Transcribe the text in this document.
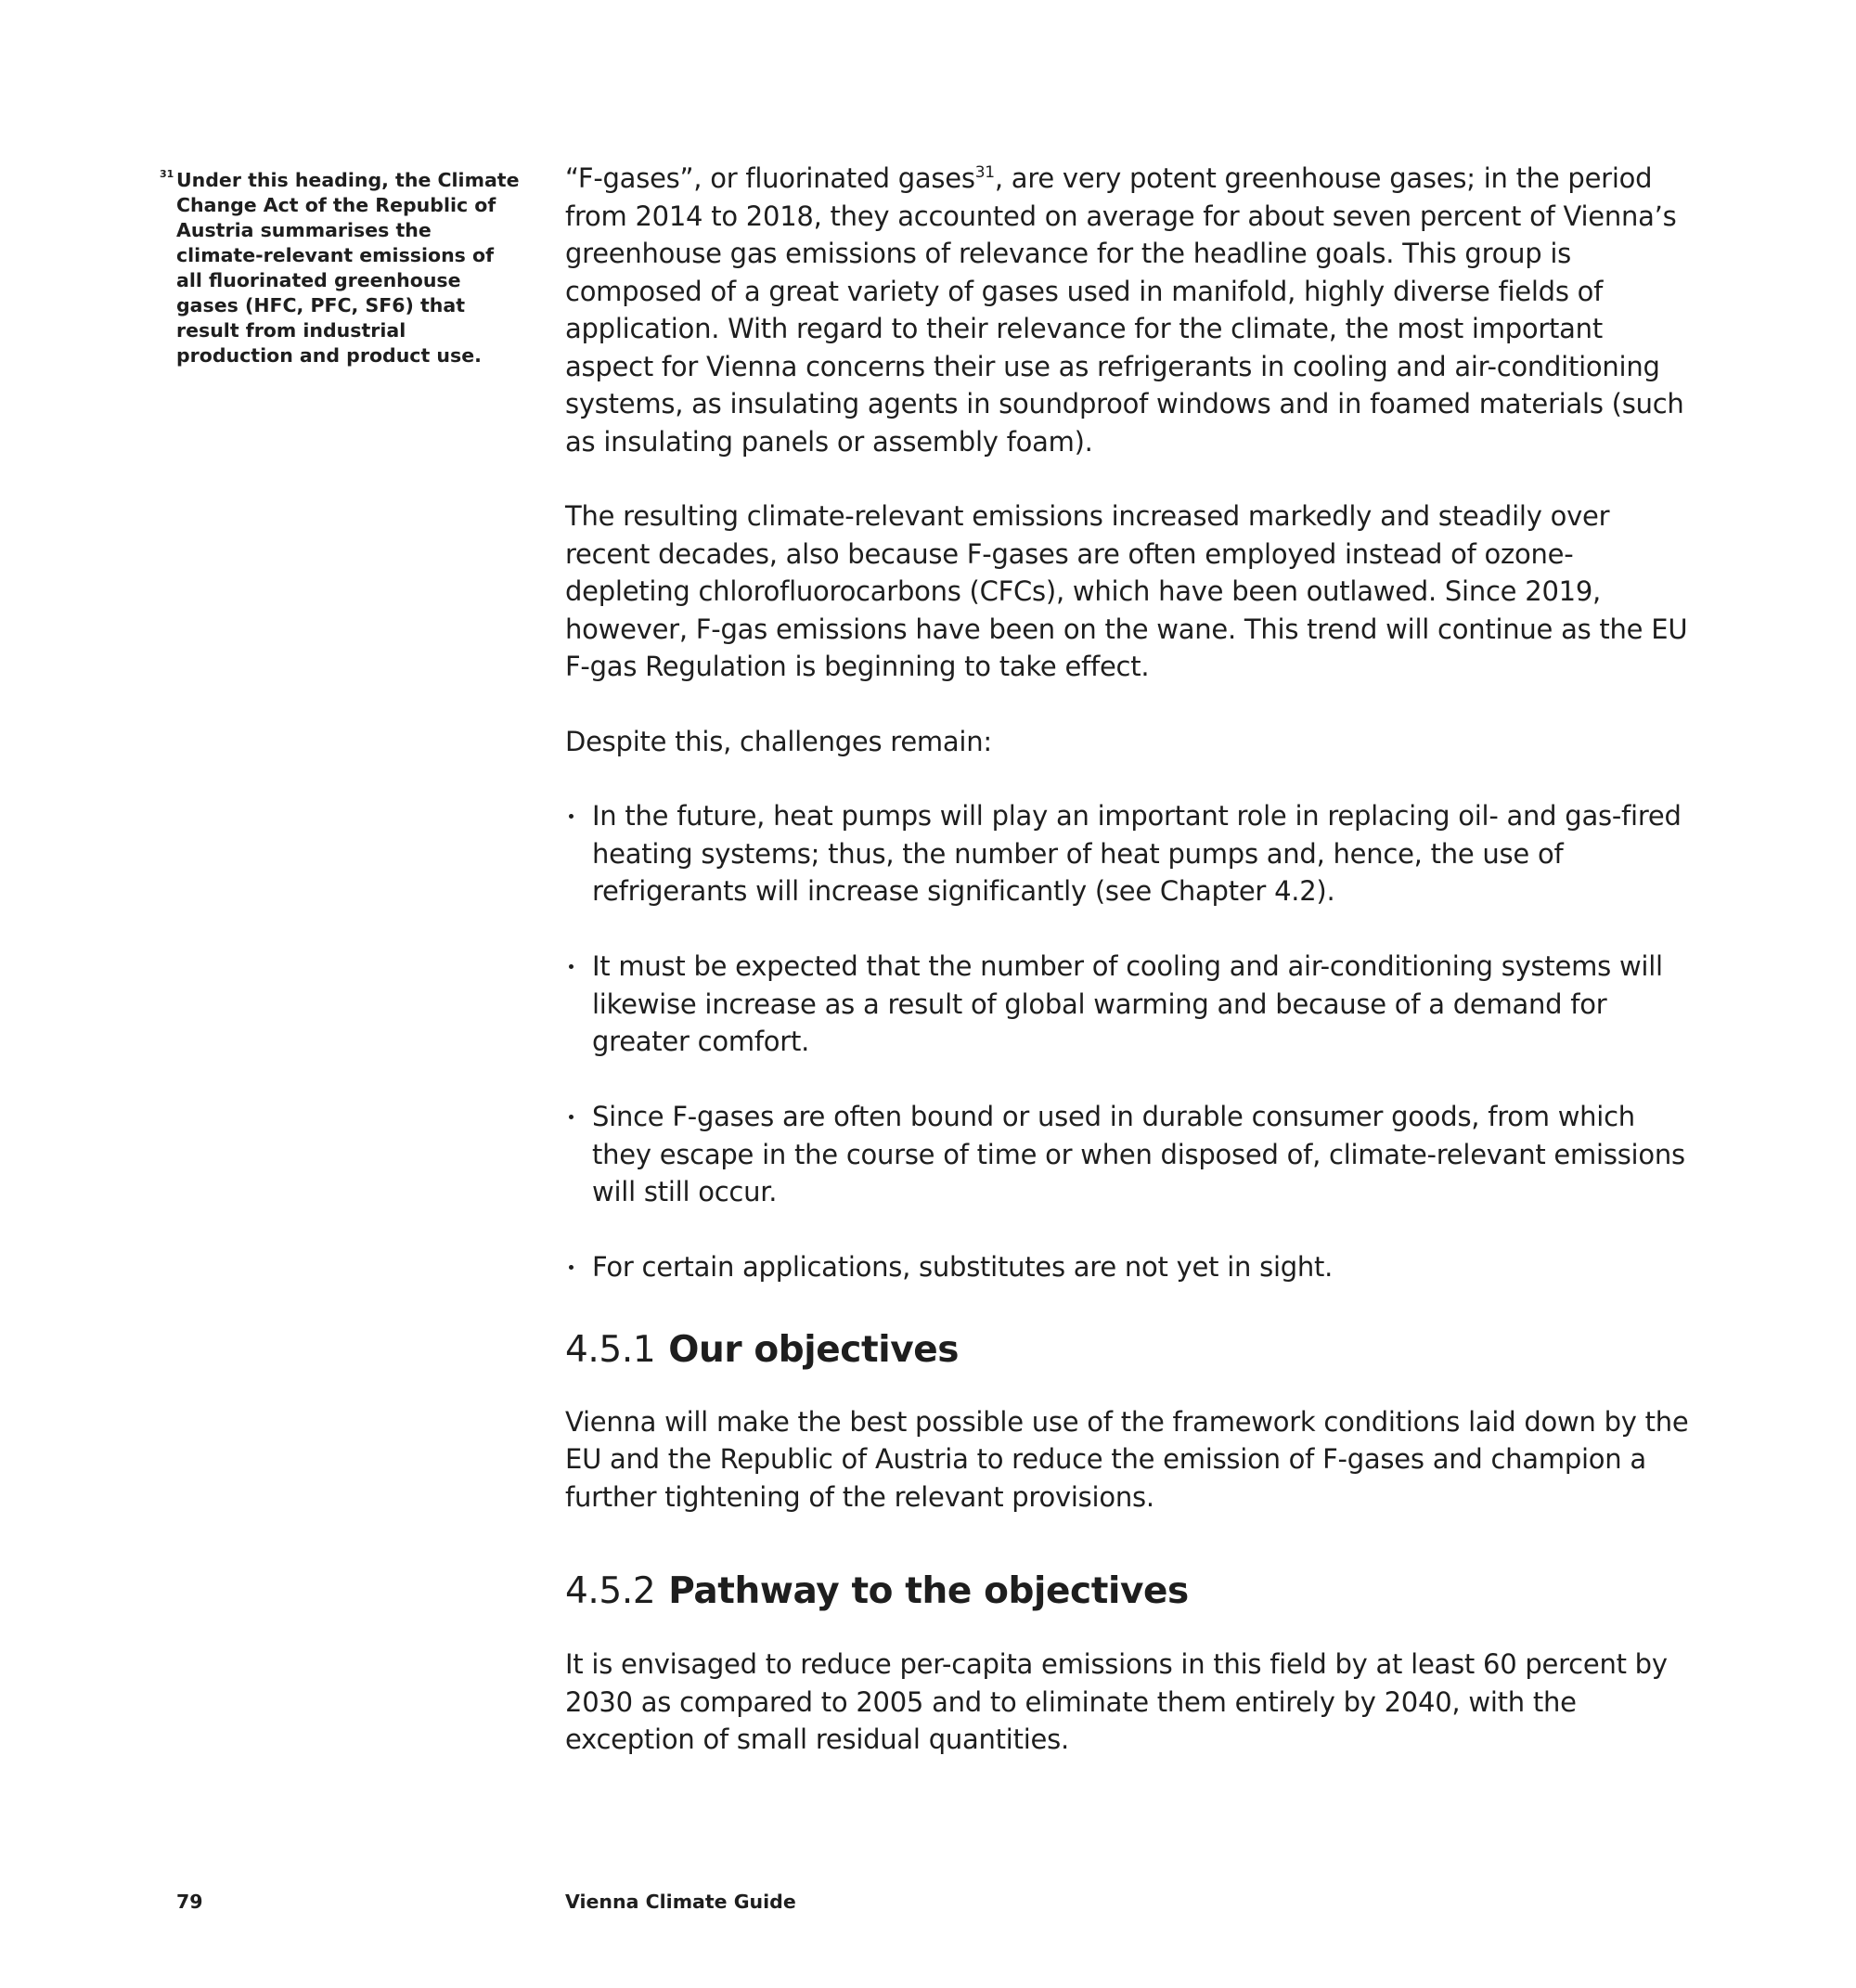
31 Under this heading, the Climate Change Act of the Republic of Austria summarises the climate-relevant emissions of all fluorinated greenhouse gases (HFC, PFC, SF6) that result from industrial production and product use.

“F-gases”, or fluorinated gases$^{31}$, are very potent greenhouse gases; in the period from 2014 to 2018, they accounted on average for about seven percent of Vienna’s greenhouse gas emissions of relevance for the headline goals. This group is composed of a great variety of gases used in manifold, highly diverse fields of application. With regard to their relevance for the climate, the most important aspect for Vienna concerns their use as refrigerants in cooling and air-conditioning systems, as insulating agents in soundproof windows and in foamed materials (such as insulating panels or assembly foam).

The resulting climate-relevant emissions increased markedly and steadily over recent decades, also because F-gases are often employed instead of ozone-depleting chlorofluorocarbons (CFCs), which have been outlawed. Since 2019, however, F-gas emissions have been on the wane. This trend will continue as the EU F-gas Regulation is beginning to take effect.

Despite this, challenges remain:

In the future, heat pumps will play an important role in replacing oil- and gas-fired heating systems; thus, the number of heat pumps and, hence, the use of refrigerants will increase significantly (see Chapter 4.2).
It must be expected that the number of cooling and air-conditioning systems will likewise increase as a result of global warming and because of a demand for greater comfort.
Since F-gases are often bound or used in durable consumer goods, from which they escape in the course of time or when disposed of, climate-relevant emissions will still occur.
For certain applications, substitutes are not yet in sight.
4.5.1 Our objectives

Vienna will make the best possible use of the framework conditions laid down by the EU and the Republic of Austria to reduce the emission of F-gases and champion a further tightening of the relevant provisions.

4.5.2 Pathway to the objectives

It is envisaged to reduce per-capita emissions in this field by at least 60 percent by 2030 as compared to 2005 and to eliminate them entirely by 2040, with the exception of small residual quantities.

79	Vienna Climate Guide
